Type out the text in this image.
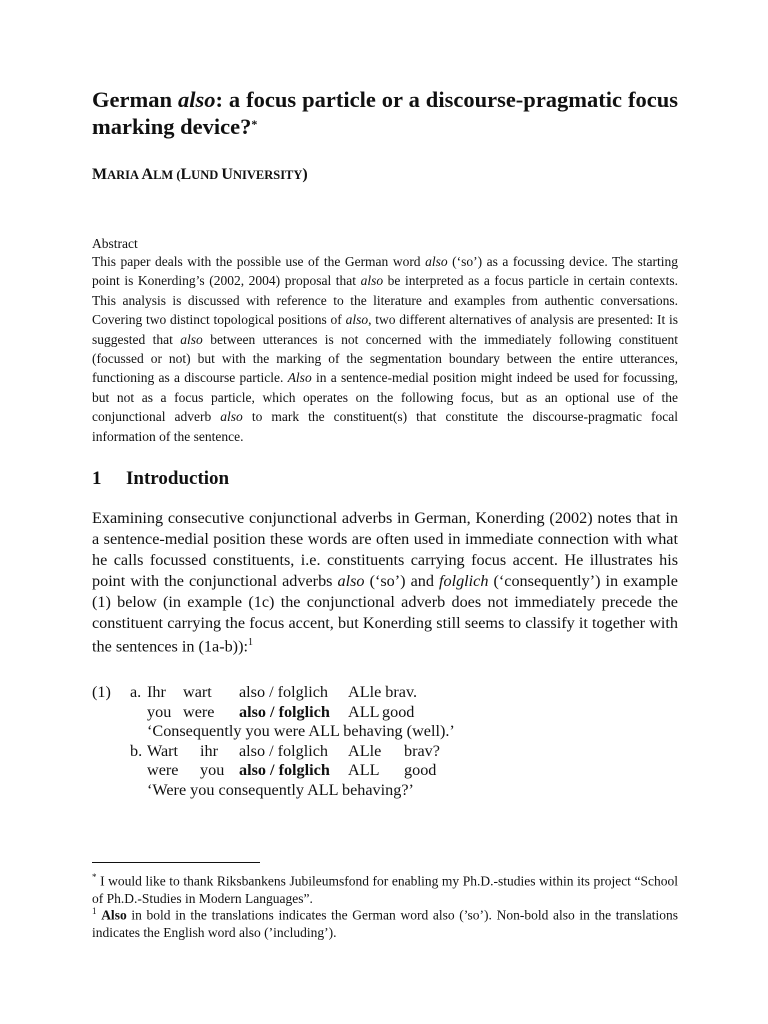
German also: a focus particle or a discourse-pragmatic focus marking device?*

MARIA ALM (LUND UNIVERSITY)

Abstract

This paper deals with the possible use of the German word also (‘so’) as a focussing device. The starting point is Konerding’s (2002, 2004) proposal that also be interpreted as a focus particle in certain contexts. This analysis is discussed with reference to the literature and examples from authentic conversations. Covering two distinct topological positions of also, two different alternatives of analysis are presented: It is suggested that also between utterances is not concerned with the immediately following constituent (focussed or not) but with the marking of the segmentation boundary between the entire utterances, functioning as a discourse particle. Also in a sentence-medial position might indeed be used for focussing, but not as a focus particle, which operates on the following focus, but as an optional use of the conjunctional adverb also to mark the constituent(s) that constitute the discourse-pragmatic focal information of the sentence.

1 Introduction

Examining consecutive conjunctional adverbs in German, Konerding (2002) notes that in a sentence-medial position these words are often used in immediate connection with what he calls focussed constituents, i.e. constituents carrying focus accent. He illustrates his point with the conjunctional adverbs also (‘so’) and folglich (‘consequently’) in example (1) below (in example (1c) the conjunctional adverb does not immediately precede the constituent carrying the focus accent, but Konerding still seems to classify it together with the sentences in (1a-b)):$^1$

(1) a. Ihr wart also / folglich ALle brav.
you were also / folglich ALL good
‘Consequently you were ALL behaving (well).’
b. Wart ihr also / folglich ALle brav?
were you also / folglich ALL good
‘Were you consequently ALL behaving?’

* I would like to thank Riksbankens Jubileumsfond for enabling my Ph.D.-studies within its project “School of Ph.D.-Studies in Modern Languages”.

$^1$ Also in bold in the translations indicates the German word also (’so’). Non-bold also in the translations indicates the English word also (’including’).
